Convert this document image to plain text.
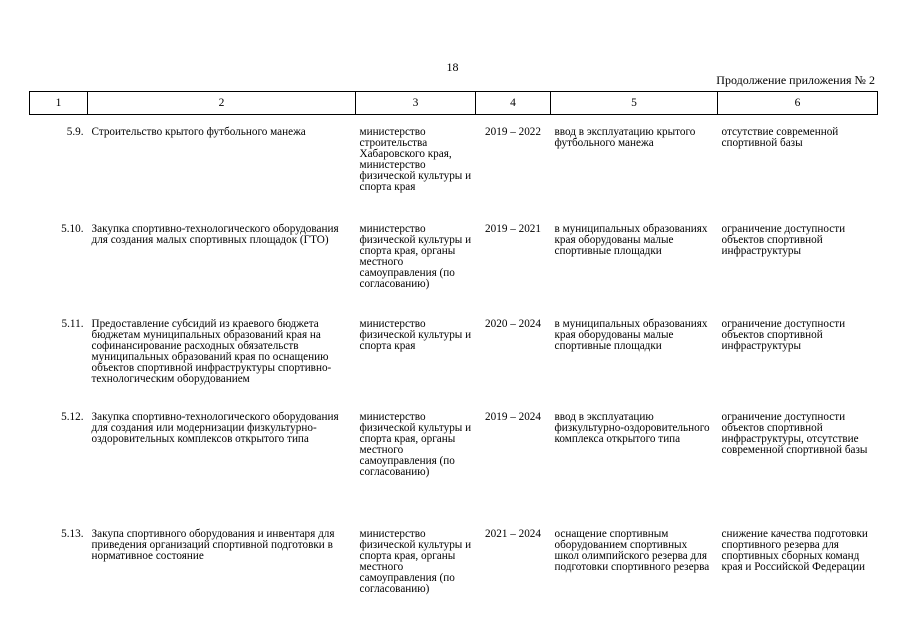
18
Продолжение приложения № 2
1	2	3	4	5	6

5.9.	Строительство крытого футбольного манежа	министерство строительства Хабаровского края, министерство физической культуры и спорта края	2019 – 2022	ввод в эксплуатацию крытого футбольного манежа	отсутствие современной спортивной базы
5.10.	Закупка спортивно-технологического оборудования для создания малых спортивных площадок (ГТО)	министерство физической культуры и спорта края, органы местного самоуправления (по согласованию)	2019 – 2021	в муниципальных образованиях края оборудованы малые спортивные площадки	ограничение доступности объектов спортивной инфраструктуры
5.11.	Предоставление субсидий из краевого бюджета бюджетам муниципальных образований края на софинансирование расходных обязательств муниципальных образований края по оснащению объектов спортивной инфраструктуры спортивно-технологическим оборудованием	министерство физической культуры и спорта края	2020 – 2024	в муниципальных образованиях края оборудованы малые спортивные площадки	ограничение доступности объектов спортивной инфраструктуры
5.12.	Закупка спортивно-технологического оборудования для создания или модернизации физкультурно-оздоровительных комплексов открытого типа	министерство физической культуры и спорта края, органы местного самоуправления (по согласованию)	2019 – 2024	ввод в эксплуатацию физкультурно-оздоровительного комплекса открытого типа	ограничение доступности объектов спортивной инфраструктуры, отсутствие современной спортивной базы
5.13.	Закупа спортивного оборудования и инвентаря для приведения организаций спортивной подготовки в нормативное состояние	министерство физической культуры и спорта края, органы местного самоуправления (по согласованию)	2021 – 2024	оснащение спортивным оборудованием спортивных школ олимпийского резерва для подготовки спортивного резерва	снижение качества подготовки спортивного резерва для спортивных сборных команд края и Российской Федерации
